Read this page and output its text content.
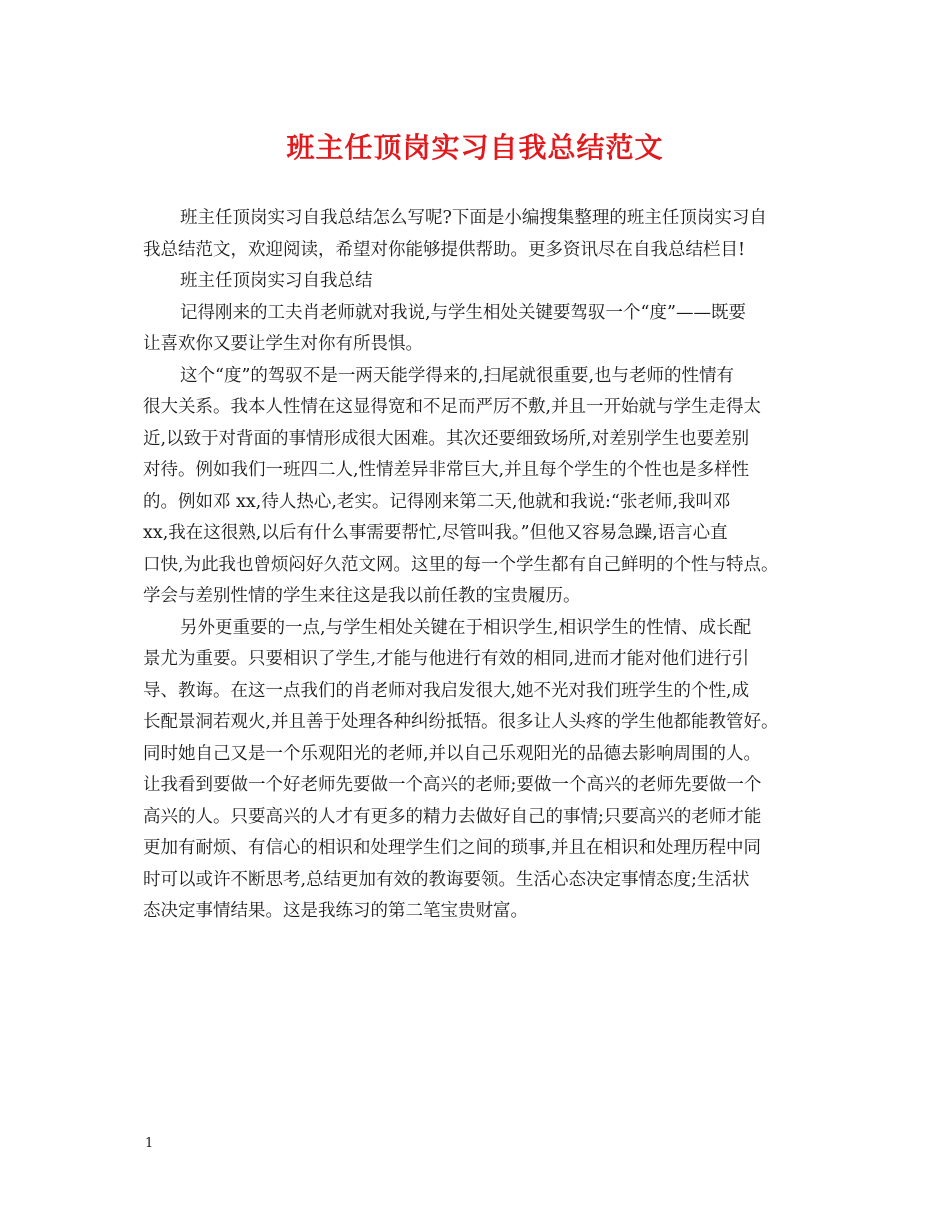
班主任顶岗实习自我总结范文
班主任顶岗实习自我总结怎么写呢?下面是小编搜集整理的班主任顶岗实习自
我总结范文，欢迎阅读，希望对你能够提供帮助。更多资讯尽在自我总结栏目!
班主任顶岗实习自我总结
记得刚来的工夫肖老师就对我说,与学生相处关键要驾驭一个“度”——既要
让喜欢你又要让学生对你有所畏惧。
这个“度”的驾驭不是一两天能学得来的,扫尾就很重要,也与老师的性情有
很大关系。我本人性情在这显得宽和不足而严厉不敷,并且一开始就与学生走得太
近,以致于对背面的事情形成很大困难。其次还要细致场所,对差别学生也要差别
对待。例如我们一班四二人,性情差异非常巨大,并且每个学生的个性也是多样性
的。例如邓 xx,待人热心,老实。记得刚来第二天,他就和我说:“张老师,我叫邓
xx,我在这很熟,以后有什么事需要帮忙,尽管叫我。”但他又容易急躁,语言心直
口快,为此我也曾烦闷好久范文网。这里的每一个学生都有自己鲜明的个性与特点。
学会与差别性情的学生来往这是我以前任教的宝贵履历。
另外更重要的一点,与学生相处关键在于相识学生,相识学生的性情、成长配
景尤为重要。只要相识了学生,才能与他进行有效的相同,进而才能对他们进行引
导、教诲。在这一点我们的肖老师对我启发很大,她不光对我们班学生的个性,成
长配景洞若观火,并且善于处理各种纠纷抵牾。很多让人头疼的学生他都能教管好。
同时她自己又是一个乐观阳光的老师,并以自己乐观阳光的品德去影响周围的人。
让我看到要做一个好老师先要做一个高兴的老师;要做一个高兴的老师先要做一个
高兴的人。只要高兴的人才有更多的精力去做好自己的事情;只要高兴的老师才能
更加有耐烦、有信心的相识和处理学生们之间的琐事,并且在相识和处理历程中同
时可以或许不断思考,总结更加有效的教诲要领。生活心态决定事情态度;生活状
态决定事情结果。这是我练习的第二笔宝贵财富。
1
